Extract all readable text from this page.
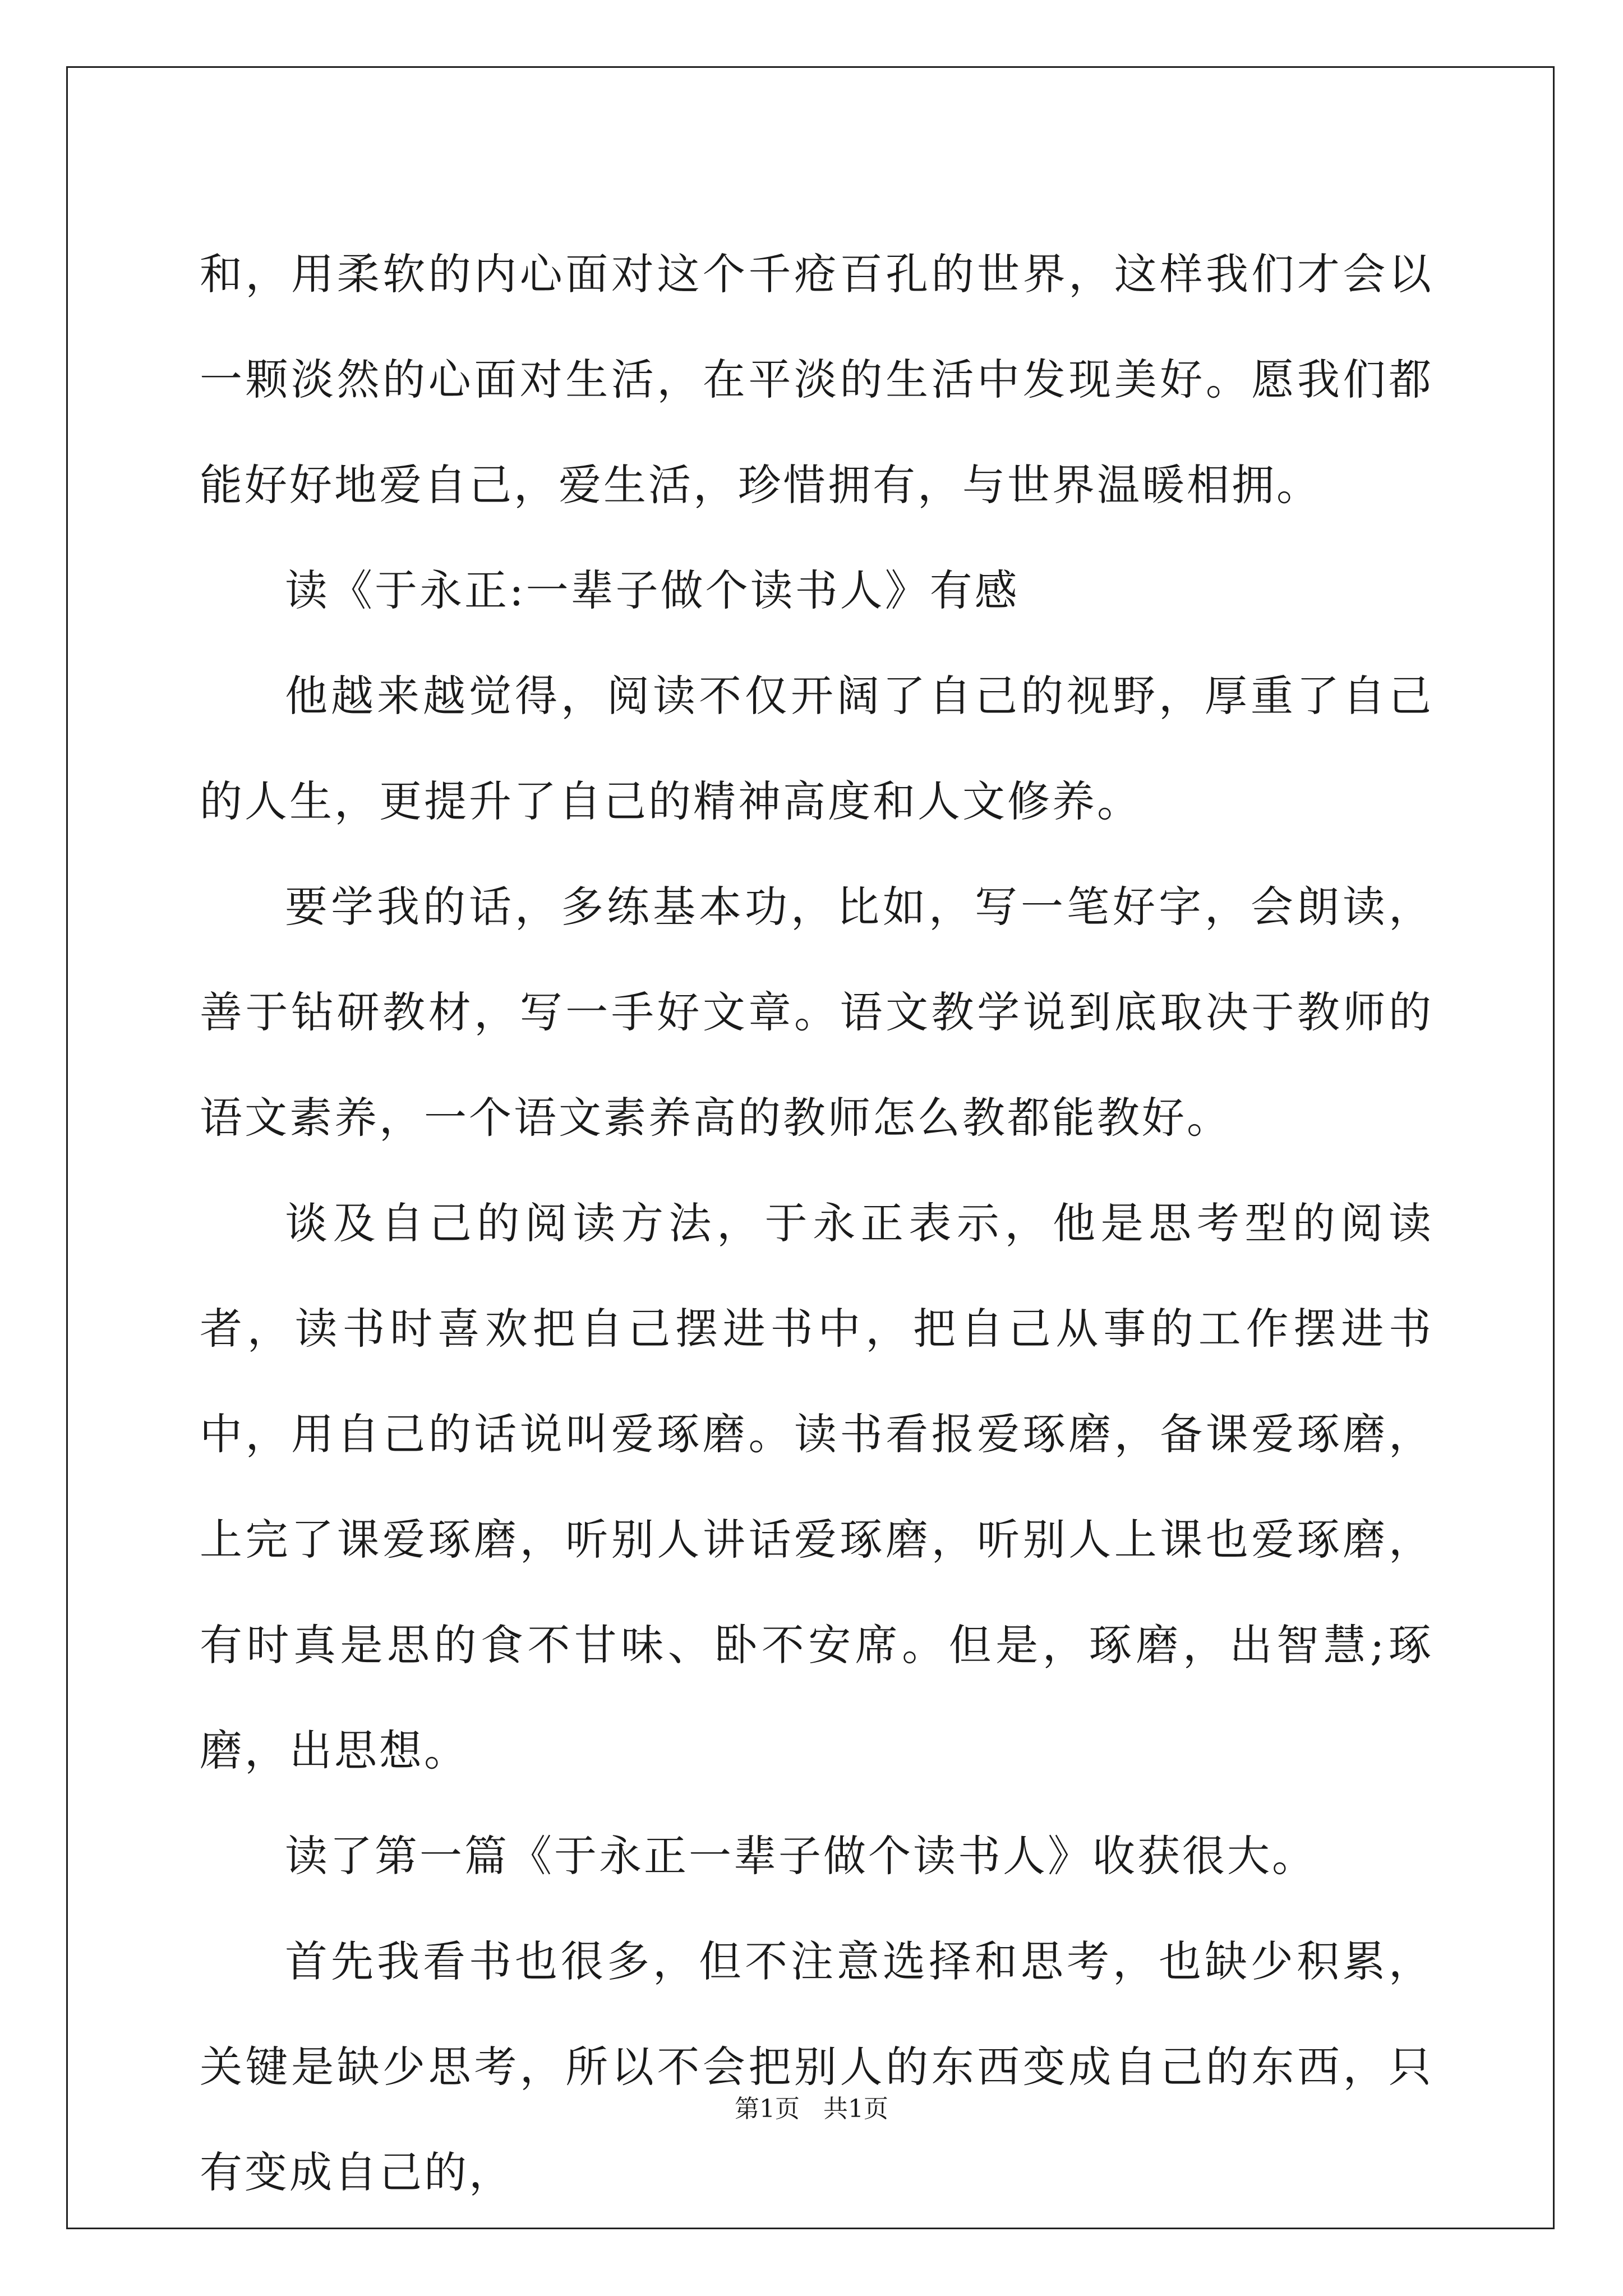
和，用柔软的内心面对这个千疮百孔的世界，这样我们才会以一颗淡然的心面对生活，在平淡的生活中发现美好。愿我们都能好好地爱自己，爱生活，珍惜拥有，与世界温暖相拥。

读《于永正:一辈子做个读书人》有感

他越来越觉得，阅读不仅开阔了自己的视野，厚重了自己的人生，更提升了自己的精神高度和人文修养。

要学我的话，多练基本功，比如，写一笔好字，会朗读，善于钻研教材，写一手好文章。语文教学说到底取决于教师的语文素养，一个语文素养高的教师怎么教都能教好。

谈及自己的阅读方法，于永正表示，他是思考型的阅读者，读书时喜欢把自己摆进书中，把自己从事的工作摆进书中，用自己的话说叫爱琢磨。读书看报爱琢磨，备课爱琢磨，上完了课爱琢磨，听别人讲话爱琢磨，听别人上课也爱琢磨，有时真是思的食不甘味、卧不安席。但是，琢磨，出智慧;琢磨，出思想。

读了第一篇《于永正一辈子做个读书人》收获很大。

首先我看书也很多，但不注意选择和思考，也缺少积累，关键是缺少思考，所以不会把别人的东西变成自己的东西，只有变成自己的，

第1页 共1页
